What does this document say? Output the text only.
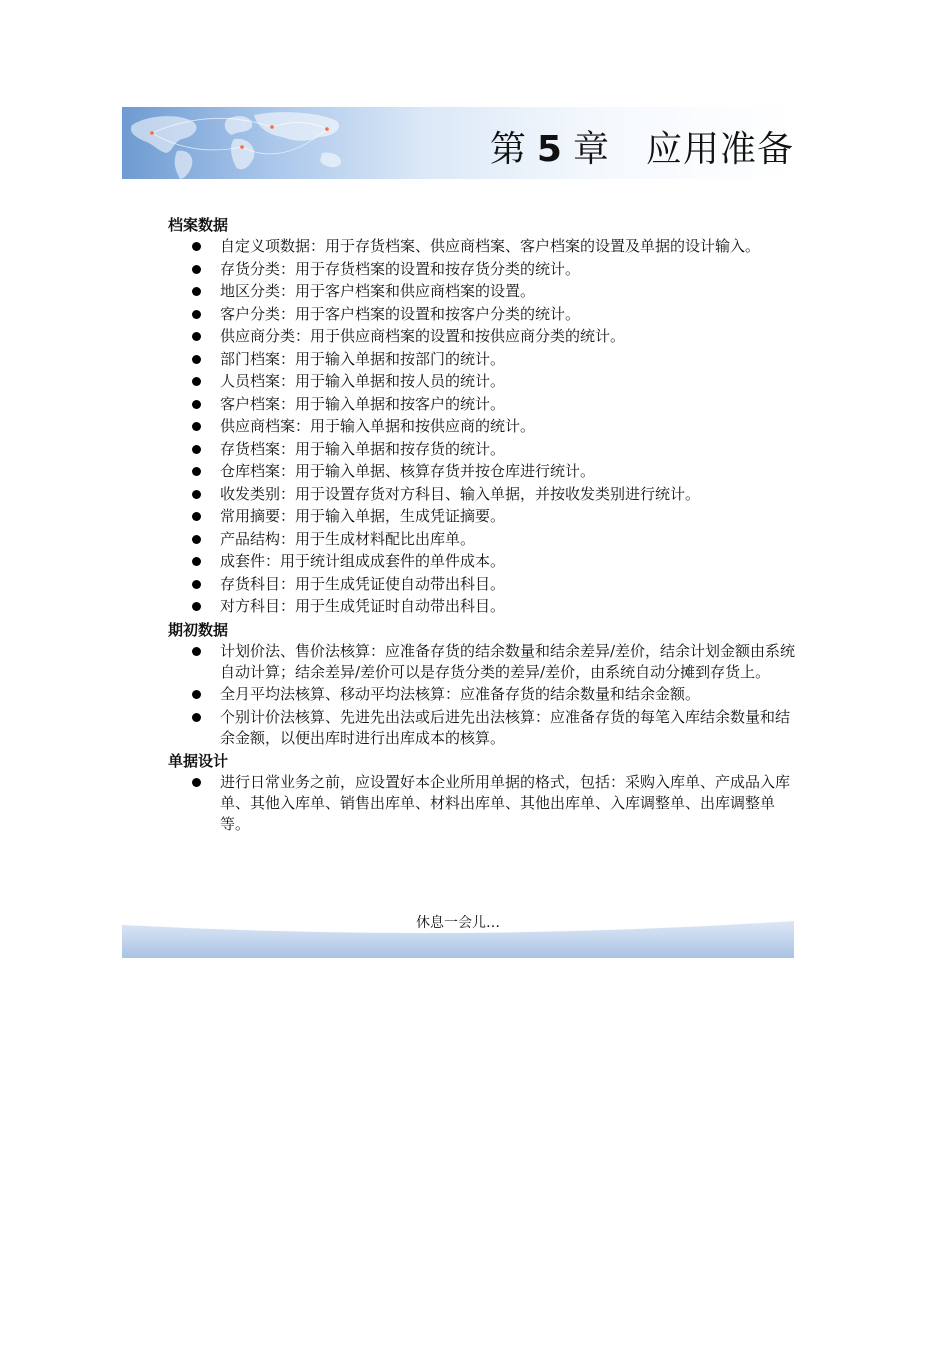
第 5 章 应用准备
档案数据
自定义项数据：用于存货档案、供应商档案、客户档案的设置及单据的设计输入。
存货分类：用于存货档案的设置和按存货分类的统计。
地区分类：用于客户档案和供应商档案的设置。
客户分类：用于客户档案的设置和按客户分类的统计。
供应商分类：用于供应商档案的设置和按供应商分类的统计。
部门档案：用于输入单据和按部门的统计。
人员档案：用于输入单据和按人员的统计。
客户档案：用于输入单据和按客户的统计。
供应商档案：用于输入单据和按供应商的统计。
存货档案：用于输入单据和按存货的统计。
仓库档案：用于输入单据、核算存货并按仓库进行统计。
收发类别：用于设置存货对方科目、输入单据，并按收发类别进行统计。
常用摘要：用于输入单据，生成凭证摘要。
产品结构：用于生成材料配比出库单。
成套件：用于统计组成成套件的单件成本。
存货科目：用于生成凭证使自动带出科目。
对方科目：用于生成凭证时自动带出科目。
期初数据
计划价法、售价法核算：应准备存货的结余数量和结余差异/差价，结余计划金额由系统自动计算；结余差异/差价可以是存货分类的差异/差价，由系统自动分摊到存货上。
全月平均法核算、移动平均法核算：应准备存货的结余数量和结余金额。
个别计价法核算、先进先出法或后进先出法核算：应准备存货的每笔入库结余数量和结余金额，以便出库时进行出库成本的核算。
单据设计
进行日常业务之前，应设置好本企业所用单据的格式，包括：采购入库单、产成品入库单、其他入库单、销售出库单、材料出库单、其他出库单、入库调整单、出库调整单等。
休息一会儿…
